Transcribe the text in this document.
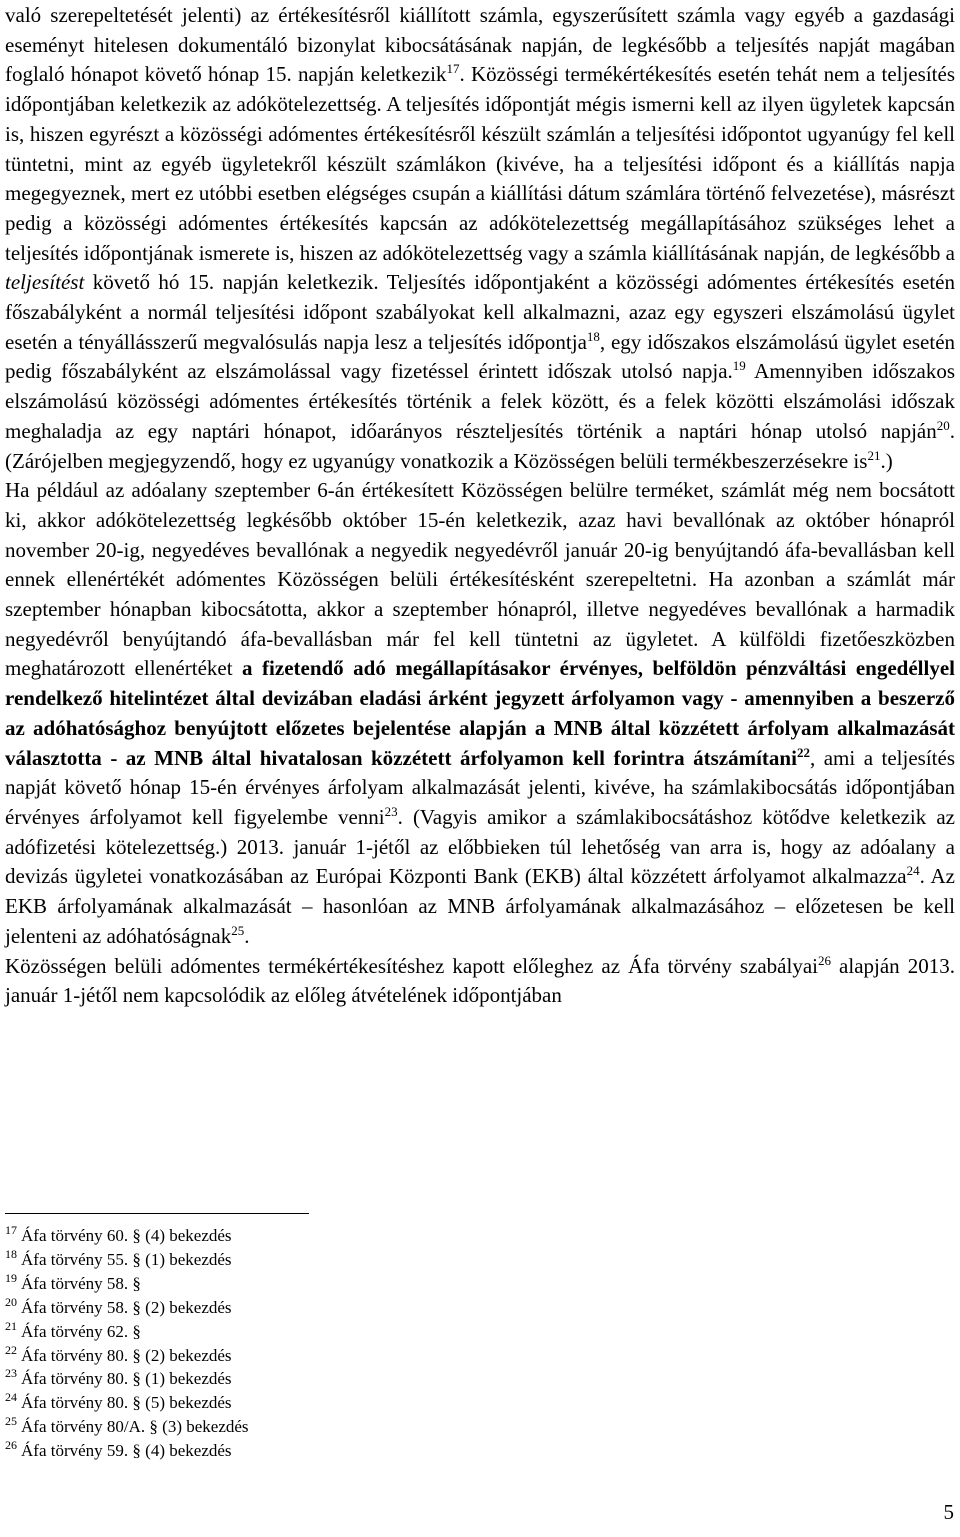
való szerepeltetését jelenti) az értékesítésről kiállított számla, egyszerűsített számla vagy egyéb a gazdasági eseményt hitelesen dokumentáló bizonylat kibocsátásának napján, de legkésőbb a teljesítés napját magában foglaló hónapot követő hónap 15. napján keletkezik$^{17}$. Közösségi termékértékesítés esetén tehát nem a teljesítés időpontjában keletkezik az adókötelezettség. A teljesítés időpontját mégis ismerni kell az ilyen ügyletek kapcsán is, hiszen egyrészt a közösségi adómentes értékesítésről készült számlán a teljesítési időpontot ugyanúgy fel kell tüntetni, mint az egyéb ügyletekről készült számlákon (kivéve, ha a teljesítési időpont és a kiállítás napja megegyeznek, mert ez utóbbi esetben elégséges csupán a kiállítási dátum számlára történő felvezetése), másrészt pedig a közösségi adómentes értékesítés kapcsán az adókötelezettség megállapításához szükséges lehet a teljesítés időpontjának ismerete is, hiszen az adókötelezettség vagy a számla kiállításának napján, de legkésőbb a teljesítést követő hó 15. napján keletkezik. Teljesítés időpontjaként a közösségi adómentes értékesítés esetén főszabályként a normál teljesítési időpont szabályokat kell alkalmazni, azaz egy egyszeri elszámolású ügylet esetén a tényállásszerű megvalósulás napja lesz a teljesítés időpontja$^{18}$, egy időszakos elszámolású ügylet esetén pedig főszabályként az elszámolással vagy fizetéssel érintett időszak utolsó napja.$^{19}$ Amennyiben időszakos elszámolású közösségi adómentes értékesítés történik a felek között, és a felek közötti elszámolási időszak meghaladja az egy naptári hónapot, időarányos részteljesítés történik a naptári hónap utolsó napján$^{20}$. (Zárójelben megjegyzendő, hogy ez ugyanúgy vonatkozik a Közösségen belüli termékbeszerzésekre $is^{21}$.)

Ha például az adóalany szeptember 6-án értékesített Közösségen belülre terméket, számlát még nem bocsátott ki, akkor adókötelezettség legkésőbb október 15-én keletkezik, azaz havi bevallónak az október hónapról november 20-ig, negyedéves bevallónak a negyedik negyedévről január 20-ig benyújtandó áfa-bevallásban kell ennek ellenértékét adómentes Közösségen belüli értékesítésként szerepeltetni. Ha azonban a számlát már szeptember hónapban kibocsátotta, akkor a szeptember hónapról, illetve negyedéves bevallónak a harmadik negyedévről benyújtandó áfa-bevallásban már fel kell tüntetni az ügyletet. A külföldi fizetőeszközben meghatározott ellenértéket a fizetendő adó megállapításakor érvényes, belföldön pénzváltási engedéllyel rendelkező hitelintézet által devizában eladási árként jegyzett árfolyamon vagy - amennyiben a beszerző az adóhatósághoz benyújtott előzetes bejelentése alapján a MNB által közzétett árfolyam alkalmazását választotta - az MNB által hivatalosan közzétett árfolyamon kell forintra átszámítani$^{22}$, ami a teljesítés napját követő hónap 15-én érvényes árfolyam alkalmazását jelenti, kivéve, ha számlakibocsátás időpontjában érvényes árfolyamot kell figyelembe venni$^{23}$. (Vagyis amikor a számlakibocsátáshoz kötődve keletkezik az adófizetési kötelezettség.) 2013. január 1-jétől az előbbieken túl lehetőség van arra is, hogy az adóalany a devizás ügyletei vonatkozásában az Európai Központi Bank (EKB) által közzétett árfolyamot alkalmazza$^{24}$. Az EKB árfolyamának alkalmazását – hasonlóan az MNB árfolyamának alkalmazásához – előzetesen be kell jelenteni az adóhatóságnak$^{25}$.

Közösségen belüli adómentes termékértékesítéshez kapott előleghez az Áfa törvény szabályai$^{26}$ alapján 2013. január 1-jétől nem kapcsolódik az előleg átvételének időpontjában

$^{17}$ Áfa törvény 60. § (4) bekezdés
$^{18}$ Áfa törvény 55. § (1) bekezdés
$^{19}$ Áfa törvény 58. §
$^{20}$ Áfa törvény 58. § (2) bekezdés
$^{21}$ Áfa törvény 62. §
$^{22}$ Áfa törvény 80. § (2) bekezdés
$^{23}$ Áfa törvény 80. § (1) bekezdés
$^{24}$ Áfa törvény 80. § (5) bekezdés
$^{25}$ Áfa törvény 80/A. § (3) bekezdés
$^{26}$ Áfa törvény 59. § (4) bekezdés
5
